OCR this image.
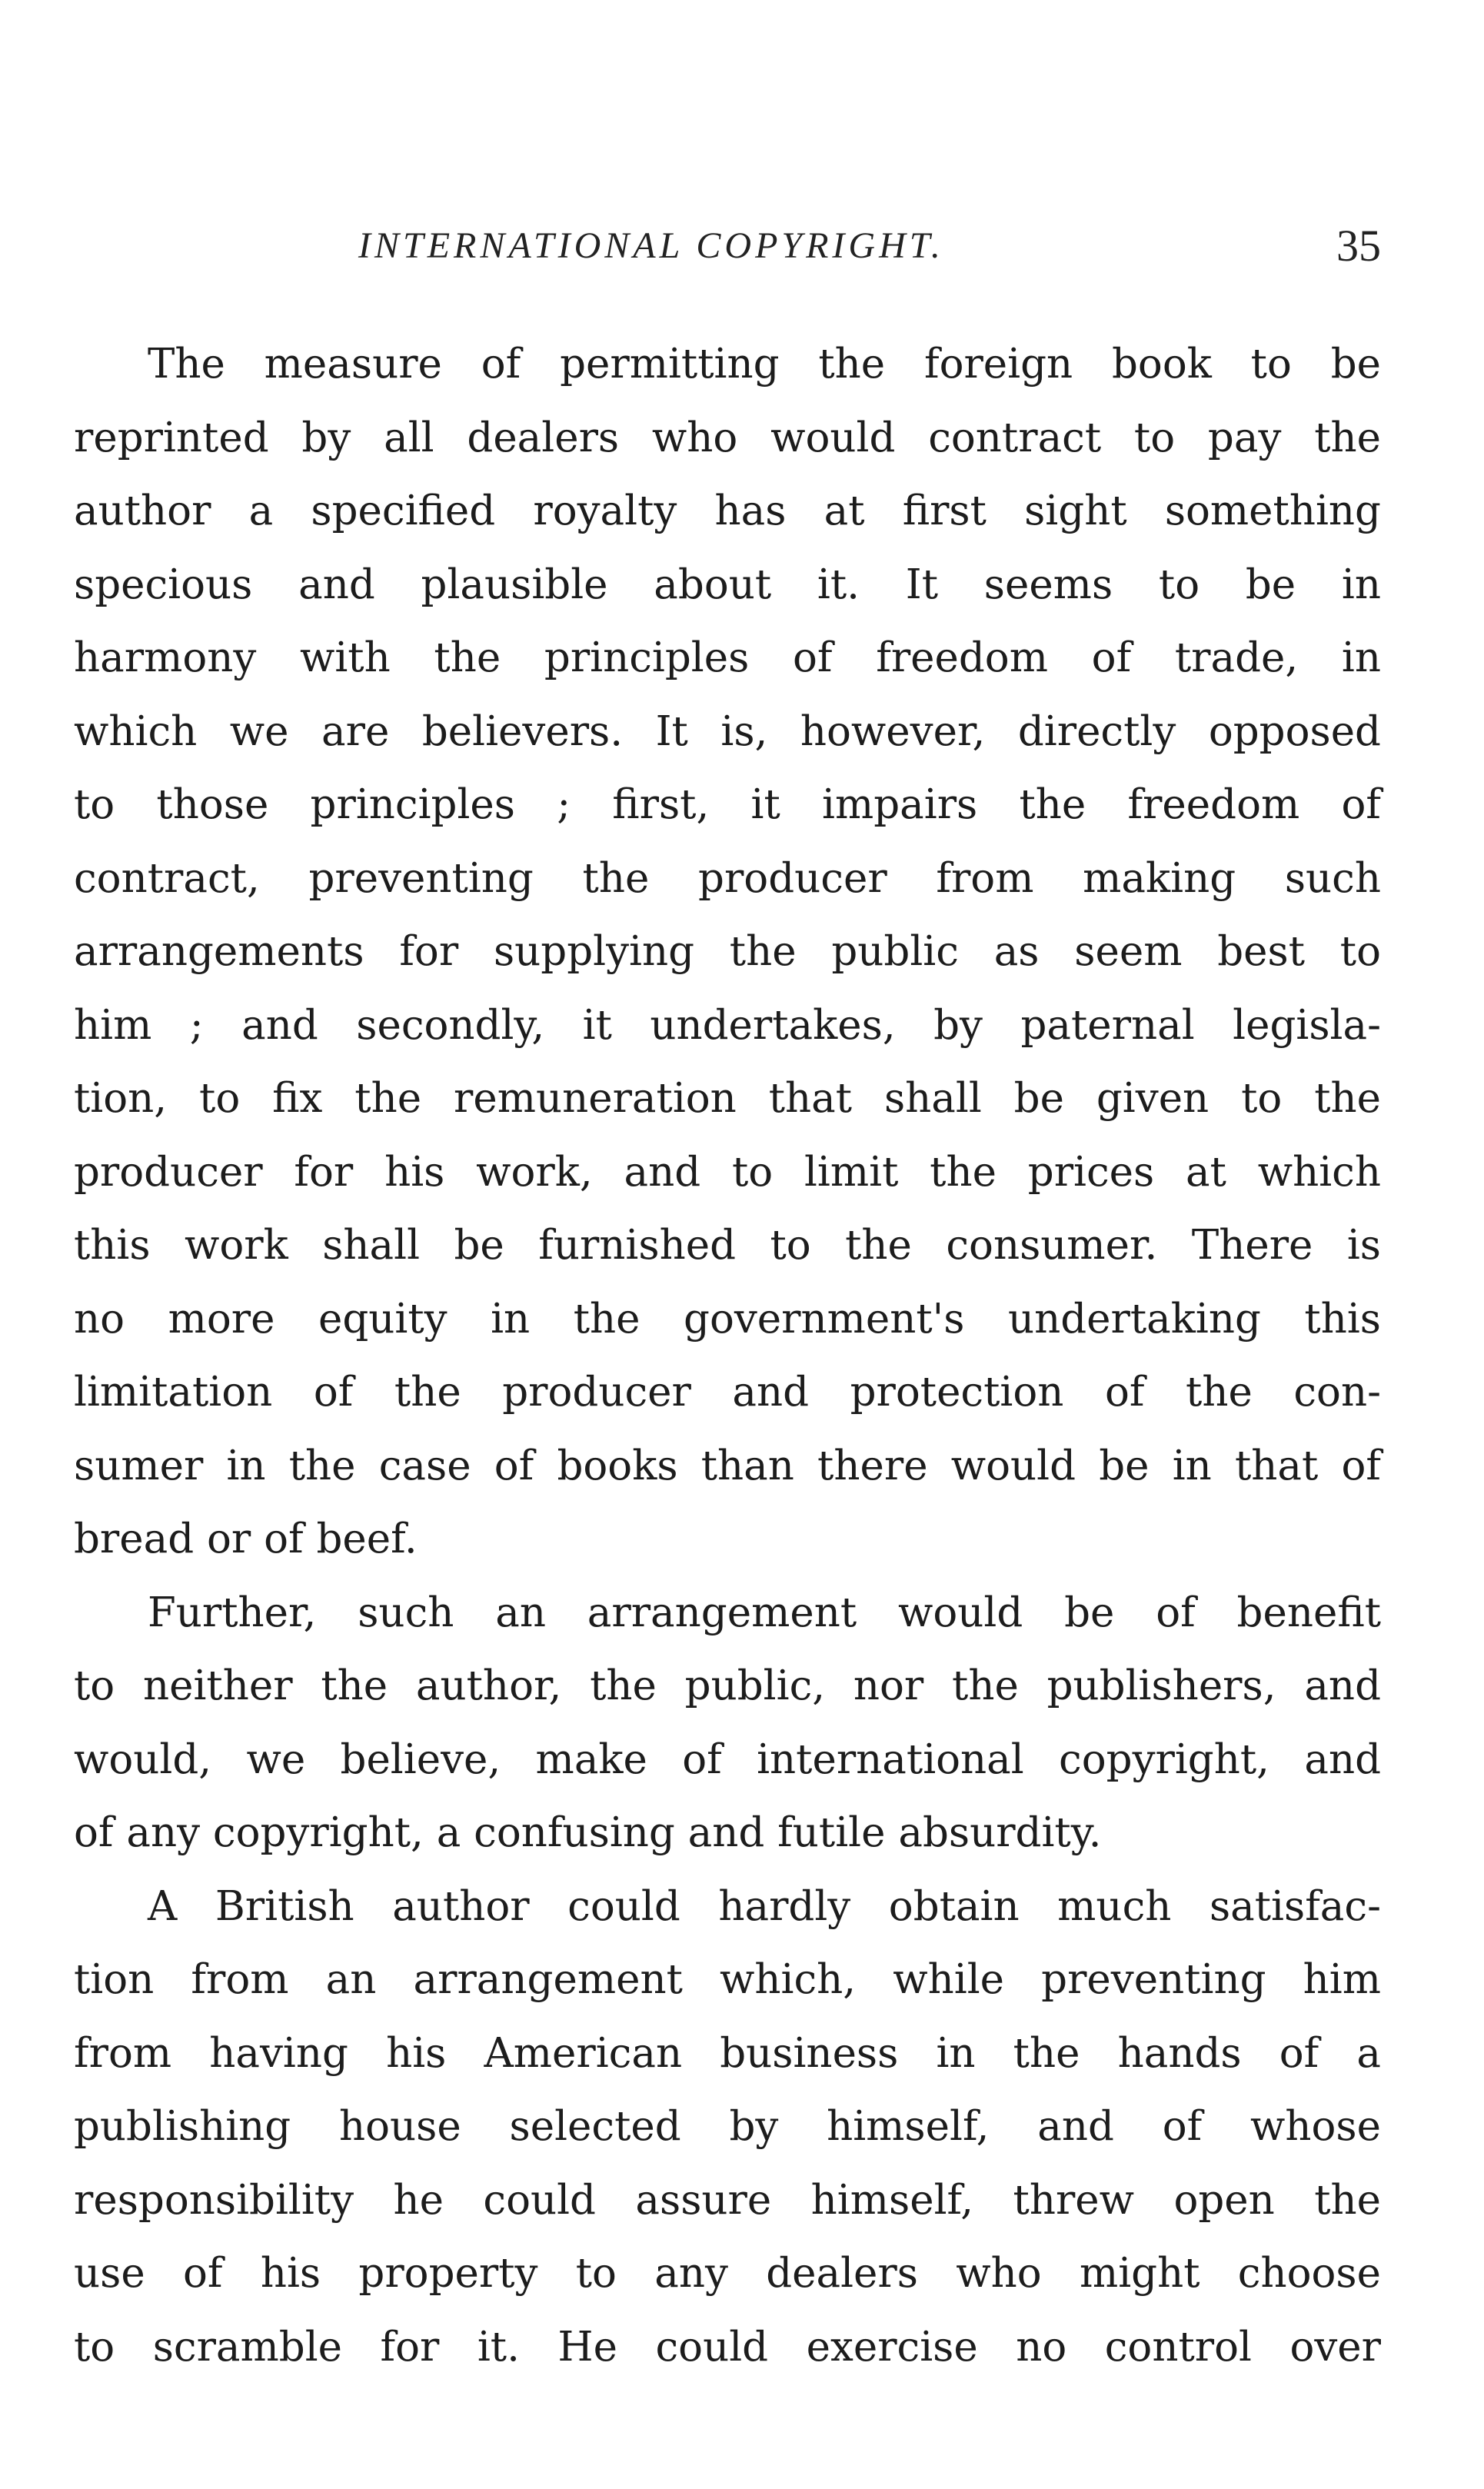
INTERNATIONAL COPYRIGHT.	35
The measure of permitting the foreign book to be
reprinted by all dealers who would contract to pay the
author a specified royalty has at first sight something
specious and plausible about it. It seems to be in
harmony with the principles of freedom of trade, in
which we are believers. It is, however, directly opposed
to those principles ; first, it impairs the freedom of
contract, preventing the producer from making such
arrangements for supplying the public as seem best to
him ; and secondly, it undertakes, by paternal legisla-
tion, to fix the remuneration that shall be given to the
producer for his work, and to limit the prices at which
this work shall be furnished to the consumer. There is
no more equity in the government's undertaking this
limitation of the producer and protection of the con-
sumer in the case of books than there would be in that of
bread or of beef.
Further, such an arrangement would be of benefit
to neither the author, the public, nor the publishers, and
would, we believe, make of international copyright, and
of any copyright, a confusing and futile absurdity.
A British author could hardly obtain much satisfac-
tion from an arrangement which, while preventing him
from having his American business in the hands of a
publishing house selected by himself, and of whose
responsibility he could assure himself, threw open the
use of his property to any dealers who might choose
to scramble for it. He could exercise no control over
